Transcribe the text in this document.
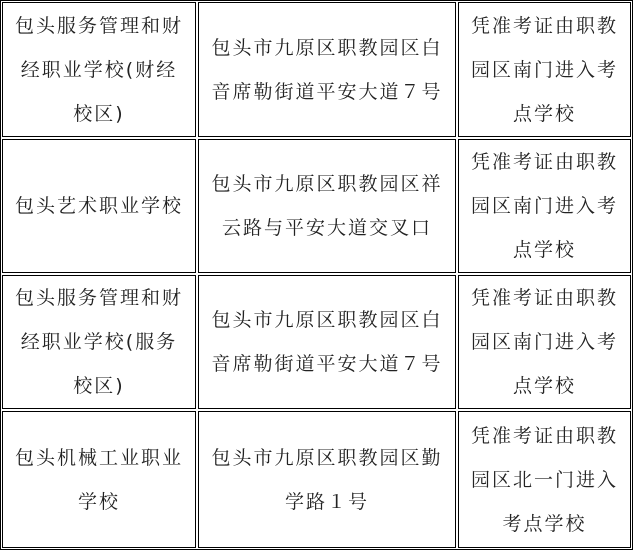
包头服务管理和财经职业学校(财经校区)
包头市九原区职教园区白音席勒街道平安大道７号
凭准考证由职教园区南门进入考点学校
包头艺术职业学校
包头市九原区职教园区祥云路与平安大道交叉口
凭准考证由职教园区南门进入考点学校
包头服务管理和财经职业学校(服务校区)
包头市九原区职教园区白音席勒街道平安大道７号
凭准考证由职教园区南门进入考点学校
包头机械工业职业学校
包头市九原区职教园区勤学路１号
凭准考证由职教园区北一门进入考点学校
